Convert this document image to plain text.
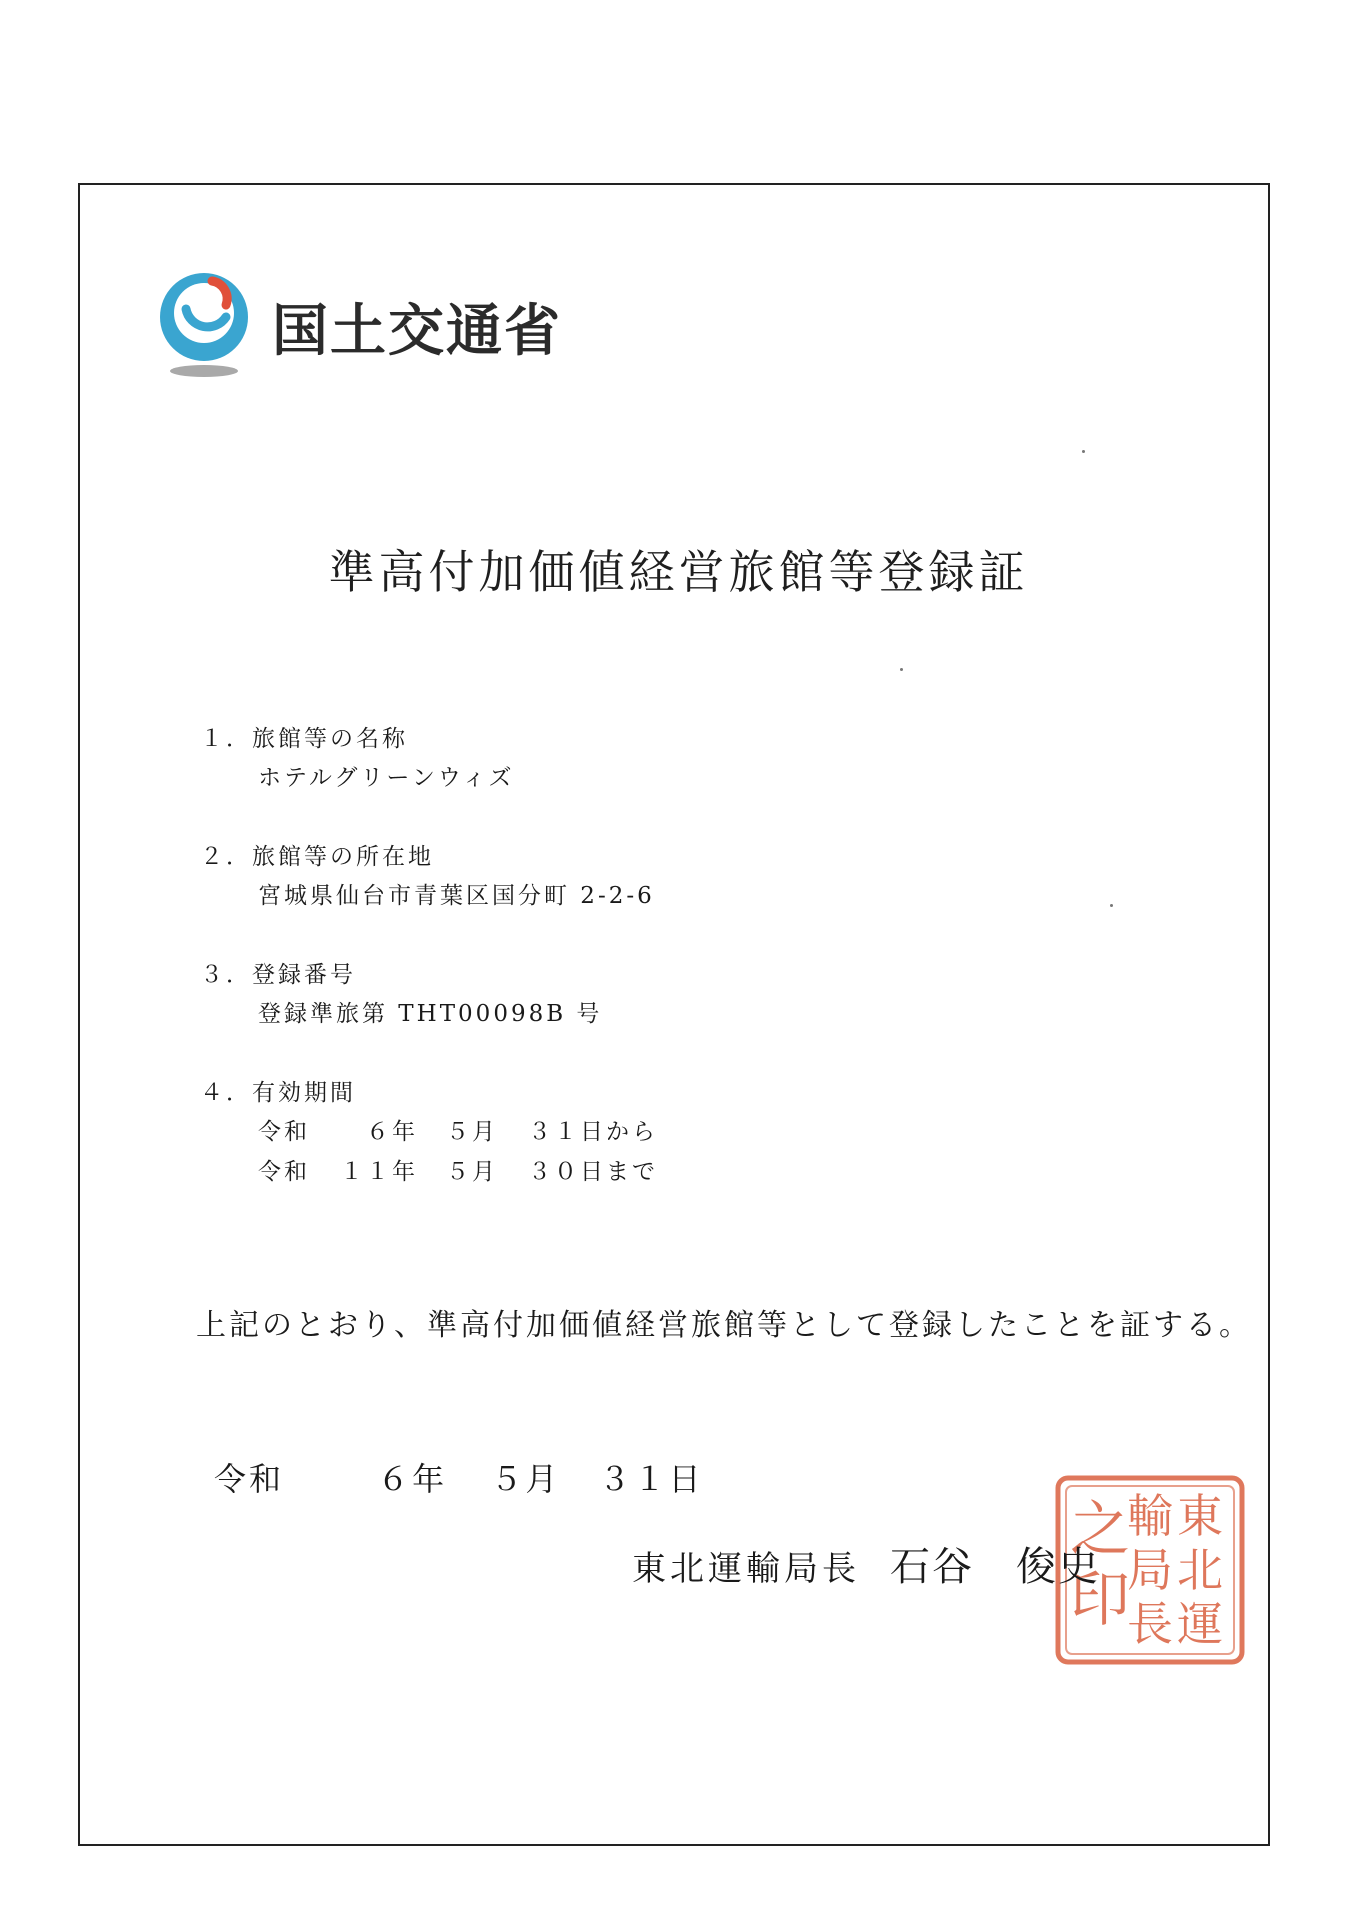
国土交通省
準高付加価値経営旅館等登録証
１．旅館等の名称
ホテルグリーンウィズ
２．旅館等の所在地
宮城県仙台市青葉区国分町 2-2-6
３．登録番号
登録準旅第 THT00098B 号
４．有効期間
令和	６年	５月	３１日から
令和	１１年	５月	３０日まで
上記のとおり、準高付加価値経営旅館等として登録したことを証する。
令和	６年 ５月 ３１日
東
北
運
輸
局
長
之
印
東北運輸局長 石谷　俊史
